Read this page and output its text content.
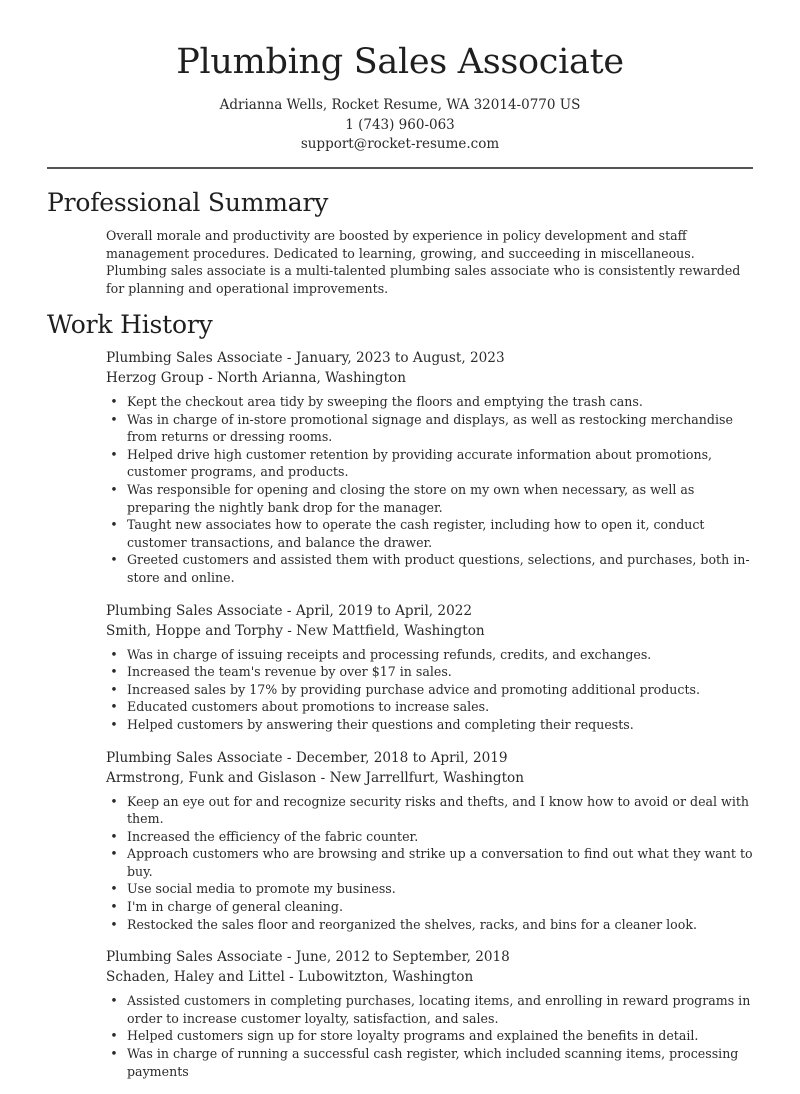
Plumbing Sales Associate
Adrianna Wells, Rocket Resume, WA 32014-0770 US
1 (743) 960-063
support@rocket-resume.com
Professional Summary

Overall morale and productivity are boosted by experience in policy development and staff management procedures. Dedicated to learning, growing, and succeeding in miscellaneous. Plumbing sales associate is a multi-talented plumbing sales associate who is consistently rewarded for planning and operational improvements.

Work History
Plumbing Sales Associate - January, 2023 to August, 2023
Herzog Group - North Arianna, Washington
• Kept the checkout area tidy by sweeping the floors and emptying the trash cans.
• Was in charge of in-store promotional signage and displays, as well as restocking merchandise from returns or dressing rooms.
• Helped drive high customer retention by providing accurate information about promotions, customer programs, and products.
• Was responsible for opening and closing the store on my own when necessary, as well as preparing the nightly bank drop for the manager.
• Taught new associates how to operate the cash register, including how to open it, conduct customer transactions, and balance the drawer.
• Greeted customers and assisted them with product questions, selections, and purchases, both in-store and online.
Plumbing Sales Associate - April, 2019 to April, 2022
Smith, Hoppe and Torphy - New Mattfield, Washington
• Was in charge of issuing receipts and processing refunds, credits, and exchanges.
• Increased the team's revenue by over $17 in sales.
• Increased sales by 17% by providing purchase advice and promoting additional products.
• Educated customers about promotions to increase sales.
• Helped customers by answering their questions and completing their requests.
Plumbing Sales Associate - December, 2018 to April, 2019
Armstrong, Funk and Gislason - New Jarrellfurt, Washington
• Keep an eye out for and recognize security risks and thefts, and I know how to avoid or deal with them.
• Increased the efficiency of the fabric counter.
• Approach customers who are browsing and strike up a conversation to find out what they want to buy.
• Use social media to promote my business.
• I'm in charge of general cleaning.
• Restocked the sales floor and reorganized the shelves, racks, and bins for a cleaner look.
Plumbing Sales Associate - June, 2012 to September, 2018
Schaden, Haley and Littel - Lubowitzton, Washington
• Assisted customers in completing purchases, locating items, and enrolling in reward programs in order to increase customer loyalty, satisfaction, and sales.
• Helped customers sign up for store loyalty programs and explained the benefits in detail.
• Was in charge of running a successful cash register, which included scanning items, processing payments
